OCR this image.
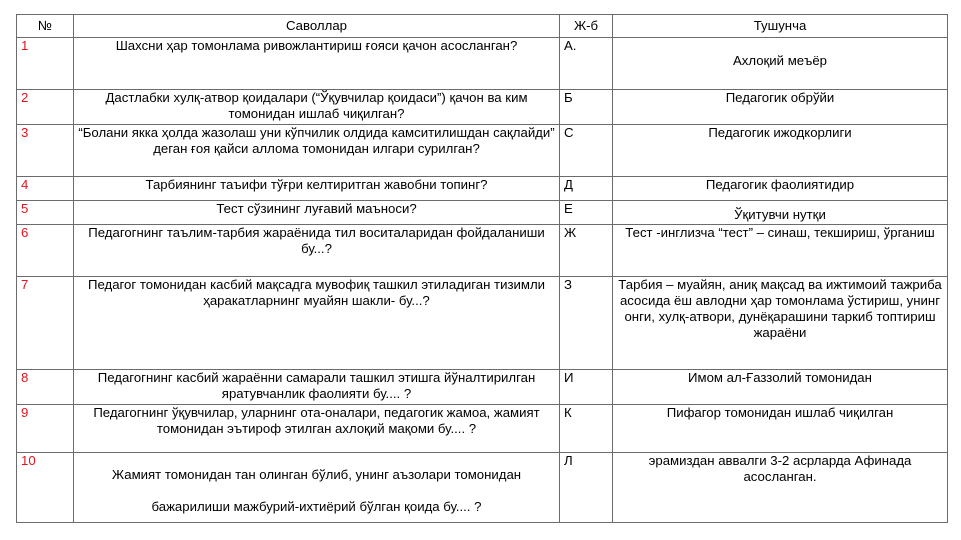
№	Саволлар	Ж-б	Тушунча
1	Шахсни ҳар томонлама ривожлантириш ғояси қачон асосланган?	А.	Ахлоқий меъёр
2	Дастлабки хулқ-атвор қоидалари (“Ўқувчилар қоидаси”) қачон ва ким томонидан ишлаб чиқилган?	Б	Педагогик обрўйи
3	“Болани якка ҳолда жазолаш уни кўпчилик олдида камситилишдан сақлайди” деган ғоя қайси аллома томонидан илгари сурилган?	С	Педагогик ижодкорлиги
4	Тарбиянинг таъифи тўғри келтиритган жавобни топинг?	Д	Педагогик фаолиятидир
5	Тест сўзининг луғавий маъноси?	Е	Ўқитувчи нутқи
6	Педагогнинг таълим-тарбия жараёнида тил воситаларидан фойдаланиши бу...?	Ж	Тест -инглизча “тест” – синаш, текшириш, ўрганиш
7	Педагог томонидан касбий мақсадга мувофиқ ташкил этиладиган тизимли ҳаракатларнинг муайян шакли- бу...?	З	Тарбия – муайян, аниқ мақсад ва ижтимоий тажриба асосида ёш авлодни ҳар томонлама ўстириш, унинг онги, хулқ-атвори, дунёқарашини таркиб топтириш жараёни
8	Педагогнинг касбий жараённи самарали ташкил этишга йўналтирилган яратувчанлик фаолияти бу.... ?	И	Имом ал-Ғаззолий томонидан
9	Педагогнинг ўқувчилар, уларнинг ота-оналари, педагогик жамоа, жамият томонидан эътироф этилган ахлоқий мақоми бу.... ?	К	Пифагор томонидан ишлаб чиқилган
10	Жамият томонидан тан олинган бўлиб, унинг аъзолари томонидан
бажарилиши мажбурий-ихтиёрий бўлган қоида бу.... ?	Л	эрамиздан аввалги 3-2 асрларда Афинада асосланган.
